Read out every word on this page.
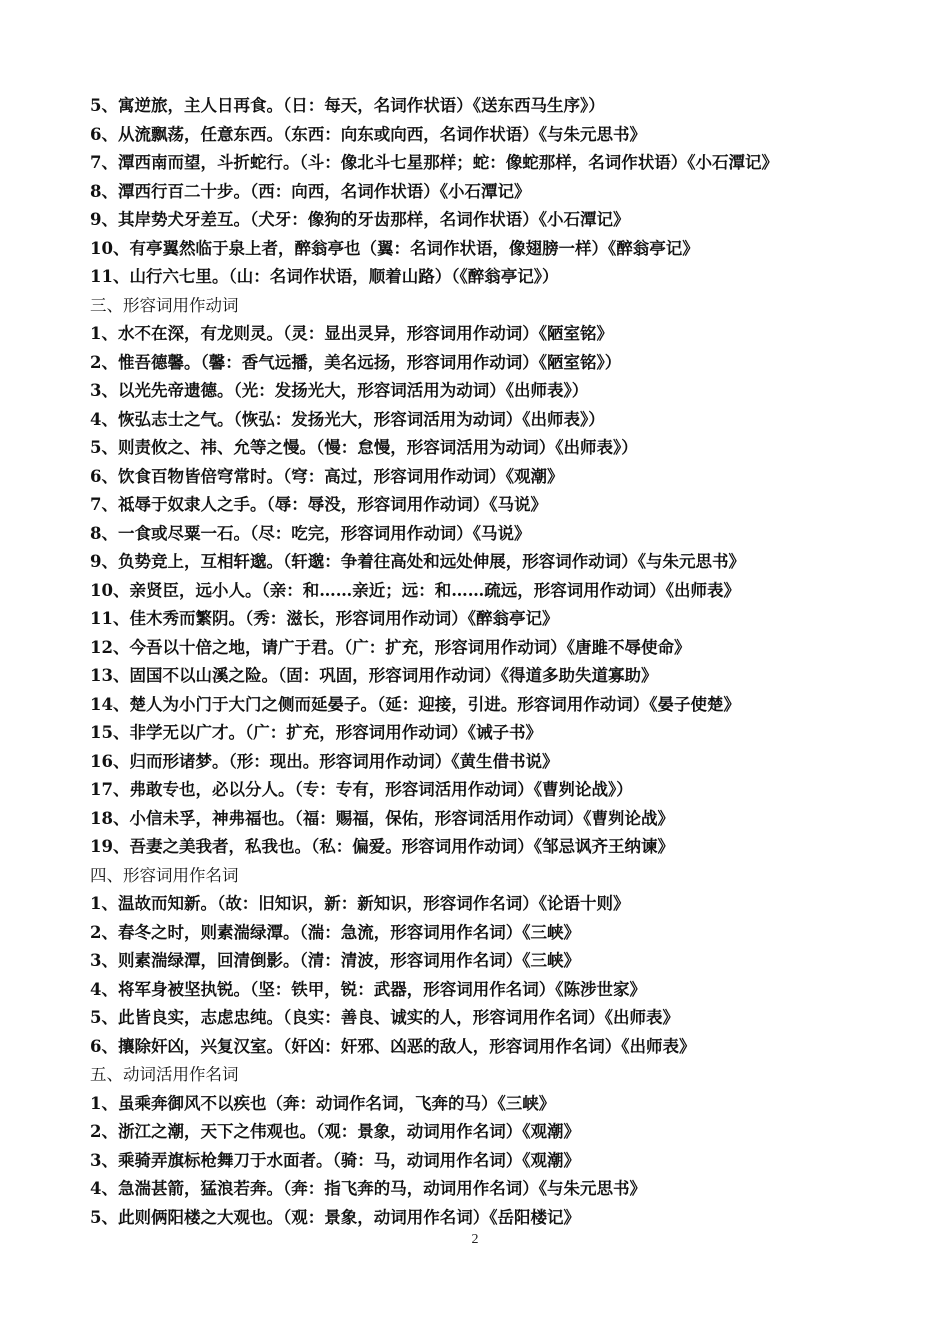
5、寓逆旅，主人日再食。（日：每天，名词作状语）《送东西马生序》）
6、从流飘荡，任意东西。（东西：向东或向西，名词作状语）《与朱元思书》
7、潭西南而望，斗折蛇行。（斗：像北斗七星那样；蛇：像蛇那样，名词作状语）《小石潭记》
8、潭西行百二十步。（西：向西，名词作状语）《小石潭记》
9、其岸势犬牙差互。（犬牙：像狗的牙齿那样，名词作状语）《小石潭记》
10、有亭翼然临于泉上者，醉翁亭也（翼：名词作状语，像翅膀一样）《醉翁亭记》
11、山行六七里。（山：名词作状语，顺着山路）（《醉翁亭记》）
三、形容词用作动词
1、水不在深，有龙则灵。（灵：显出灵异，形容词用作动词）《陋室铭》
2、惟吾德馨。（馨：香气远播，美名远扬，形容词用作动词）《陋室铭》）
3、以光先帝遗德。（光：发扬光大，形容词活用为动词）《出师表》）
4、恢弘志士之气。（恢弘：发扬光大，形容词活用为动词）《出师表》）
5、则责攸之、祎、允等之慢。（慢：怠慢，形容词活用为动词）《出师表》）
6、饮食百物皆倍穹常时。（穹：高过，形容词用作动词）《观潮》
7、祗辱于奴隶人之手。（辱：辱没，形容词用作动词）《马说》
8、一食或尽粟一石。（尽：吃完，形容词用作动词）《马说》
9、负势竞上，互相轩邈。（轩邈：争着往高处和远处伸展，形容词作动词）《与朱元思书》
10、亲贤臣，远小人。（亲：和……亲近；远：和……疏远，形容词用作动词）《出师表》
11、佳木秀而繁阴。（秀：滋长，形容词用作动词）《醉翁亭记》
12、今吾以十倍之地，请广于君。（广：扩充，形容词用作动词）《唐雎不辱使命》
13、固国不以山溪之险。（固：巩固，形容词用作动词）《得道多助失道寡助》
14、楚人为小门于大门之侧而延晏子。（延：迎接，引进。形容词用作动词）《晏子使楚》
15、非学无以广才。（广：扩充，形容词用作动词）《诫子书》
16、归而形诸梦。（形：现出。形容词用作动词）《黄生借书说》
17、弗敢专也，必以分人。（专：专有，形容词活用作动词）《曹刿论战》）
18、小信未孚，神弗福也。（福：赐福，保佑，形容词活用作动词）《曹刿论战》
19、吾妻之美我者，私我也。（私：偏爱。形容词用作动词）《邹忌讽齐王纳谏》
四、形容词用作名词
1、温故而知新。（故：旧知识，新：新知识，形容词作名词）《论语十则》
2、春冬之时，则素湍绿潭。（湍：急流，形容词用作名词）《三峡》
3、则素湍绿潭，回清倒影。（清：清波，形容词用作名词）《三峡》
4、将军身被坚执锐。（坚：铁甲，锐：武器，形容词用作名词）《陈涉世家》
5、此皆良实，志虑忠纯。（良实：善良、诚实的人，形容词用作名词）《出师表》
6、攘除奸凶，兴复汉室。（奸凶：奸邪、凶恶的敌人，形容词用作名词）《出师表》
五、动词活用作名词
1、虽乘奔御风不以疾也（奔：动词作名词，飞奔的马）《三峡》
2、浙江之潮，天下之伟观也。（观：景象，动词用作名词）《观潮》
3、乘骑弄旗标枪舞刀于水面者。（骑：马，动词用作名词）《观潮》
4、急湍甚箭，猛浪若奔。（奔：指飞奔的马，动词用作名词）《与朱元思书》
5、此则俩阳楼之大观也。（观：景象，动词用作名词）《岳阳楼记》
2
